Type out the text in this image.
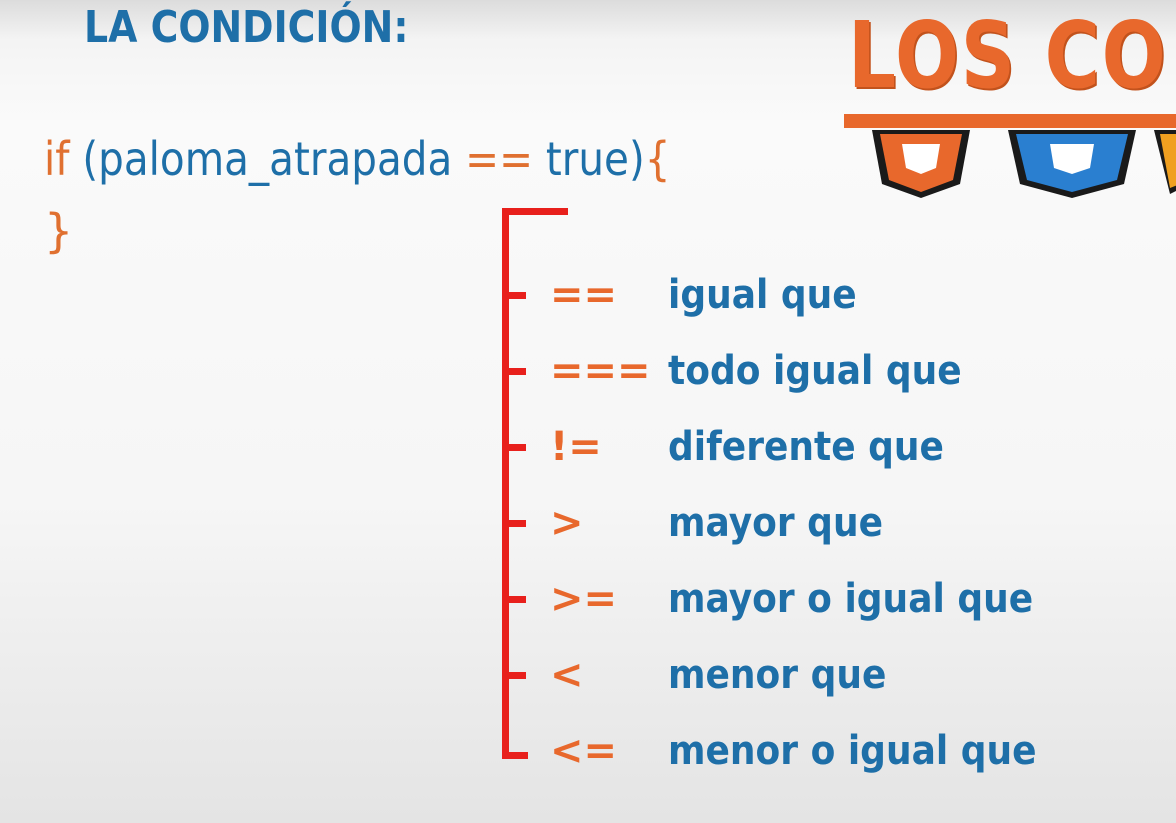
LA CONDICIÓN:	LOS CO
if (paloma_atrapada == true){
}
== igual que
=== todo igual que
!= diferente que
> mayor que
>= mayor o igual que
< menor que
<= menor o igual que
